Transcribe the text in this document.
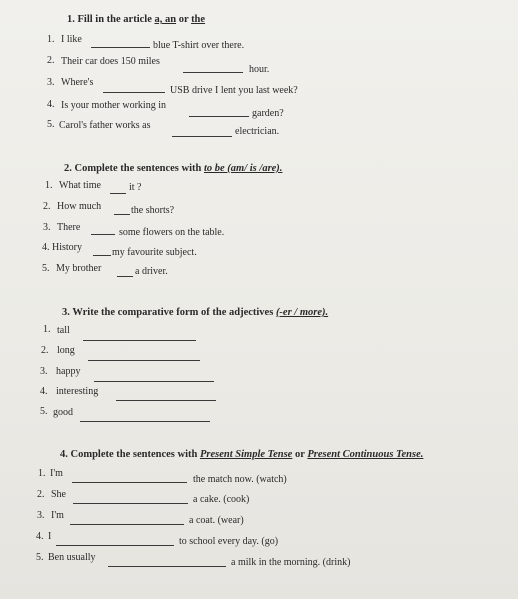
1. Fill in the article a, an or the
1. I like
blue T-shirt over there.
2. Their car does 150 miles
hour.
3. Where's
USB drive I lent you last week?
4. Is your mother working in
garden?
5. Carol's father works as
electrician.
2. Complete the sentences with to be (am/ is /are).
1. What time	it ?
2. How much	the shorts?
3. There	some flowers on the table.
4. History	my favourite subject.
5. My brother	a driver.
3. Write the comparative form of the adjectives (-er / more).
1. tall
2. long
3. happy
4. interesting
5. good
4. Complete the sentences with Present Simple Tense or Present Continuous Tense.
1. I'm
the match now. (watch)
2. She	a cake. (cook)
3. I'm	a coat. (wear)
4. I	to school every day. (go)
5. Ben usually	a milk in the morning. (drink)
